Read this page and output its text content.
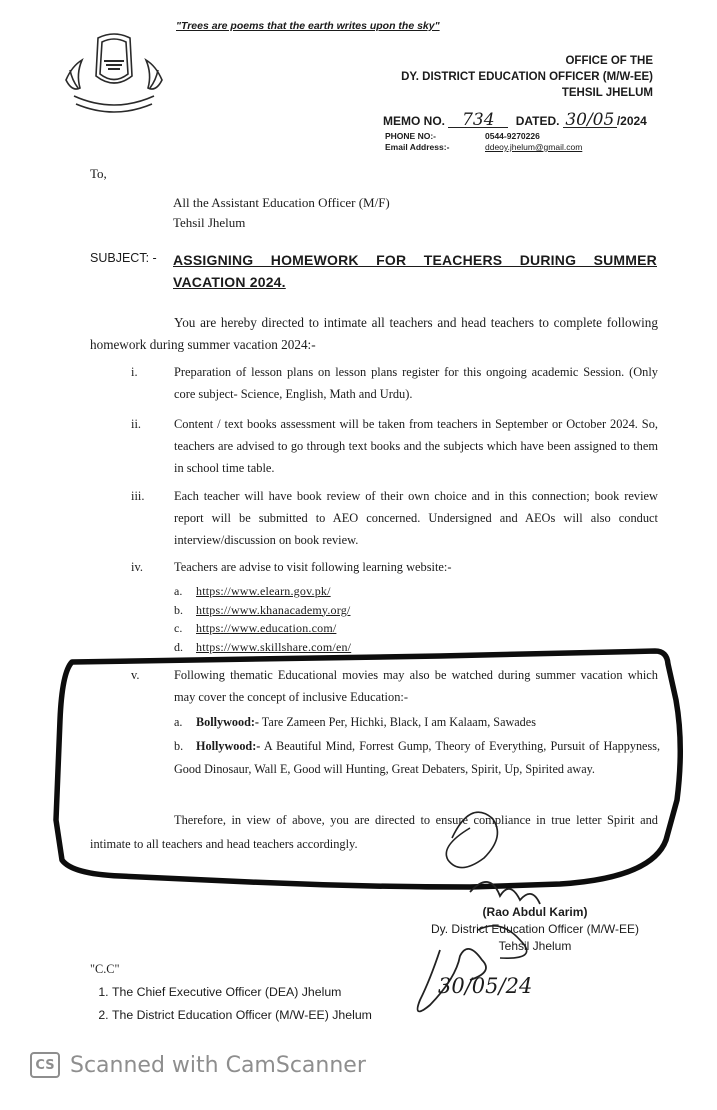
"Trees are poems that the earth writes upon the sky"
OFFICE OF THE
DY. DISTRICT EDUCATION OFFICER (M/W-EE)
TEHSIL JHELUM
MEMO NO. 734 DATED. 30/05 /2024
PHONE NO:-	0544-9270226
Email Address:-	ddeoy.jhelum@gmail.com
To,
All the Assistant Education Officer (M/F)
Tehsil Jhelum
SUBJECT: - ASSIGNING HOMEWORK FOR TEACHERS DURING SUMMER VACATION 2024.
You are hereby directed to intimate all teachers and head teachers to complete following homework during summer vacation 2024:-
i.	Preparation of lesson plans on lesson plans register for this ongoing academic Session. (Only core subject- Science, English, Math and Urdu).
ii.	Content / text books assessment will be taken from teachers in September or October 2024. So, teachers are advised to go through text books and the subjects which have been assigned to them in school time table.
iii. Each teacher will have book review of their own choice and in this connection; book review report will be submitted to AEO concerned. Undersigned and AEOs will also conduct interview/discussion on book review.
iv.	Teachers are advise to visit following learning website:-
a. https://www.elearn.gov.pk/
b. https://www.khanacademy.org/
c. https://www.education.com/
d. https://www.skillshare.com/en/
v.	Following thematic Educational movies may also be watched during summer vacation which may cover the concept of inclusive Education:-
a. Bollywood:- Tare Zameen Per, Hichki, Black, I am Kalaam, Sawades
b. Hollywood:- A Beautiful Mind, Forrest Gump, Theory of Everything, Pursuit of Happyness, Good Dinosaur, Wall E, Good will Hunting, Great Debaters, Spirit, Up, Spirited away.
Therefore, in view of above, you are directed to ensure compliance in true letter Spirit and intimate to all teachers and head teachers accordingly.
(Rao Abdul Karim)
Dy. District Education Officer (M/W-EE)
Tehsil Jhelum
30/05/24
"C.C"
1. The Chief Executive Officer (DEA) Jhelum
2. The District Education Officer (M/W-EE) Jhelum
CS Scanned with CamScanner
